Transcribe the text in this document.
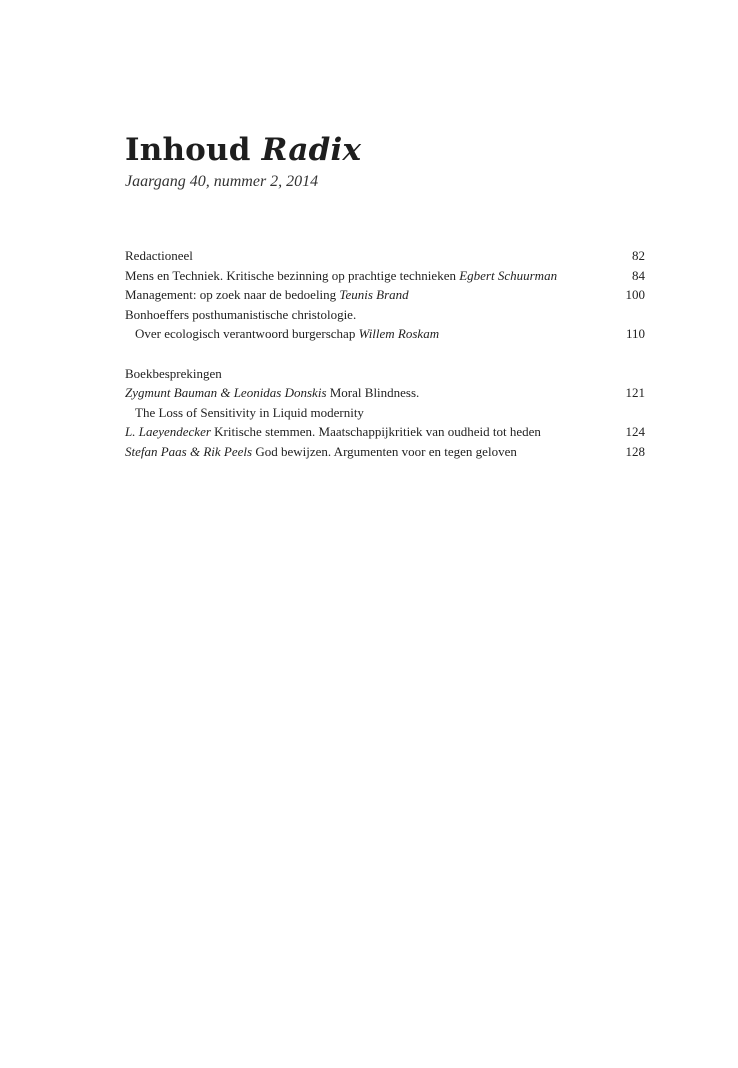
Inhoud Radix

Jaargang 40, nummer 2, 2014

Redactioneel	82
Mens en Techniek. Kritische bezinning op prachtige technieken Egbert Schuurman	84
Management: op zoek naar de bedoeling Teunis Brand	100
Bonhoeffers posthumanistische christologie.
Over ecologisch verantwoord burgerschap Willem Roskam	110
Boekbesprekingen
Zygmunt Bauman & Leonidas Donskis Moral Blindness.	121
The Loss of Sensitivity in Liquid modernity
L. Laeyendecker Kritische stemmen. Maatschappijkritiek van oudheid tot heden	124
Stefan Paas & Rik Peels God bewijzen. Argumenten voor en tegen geloven	128
